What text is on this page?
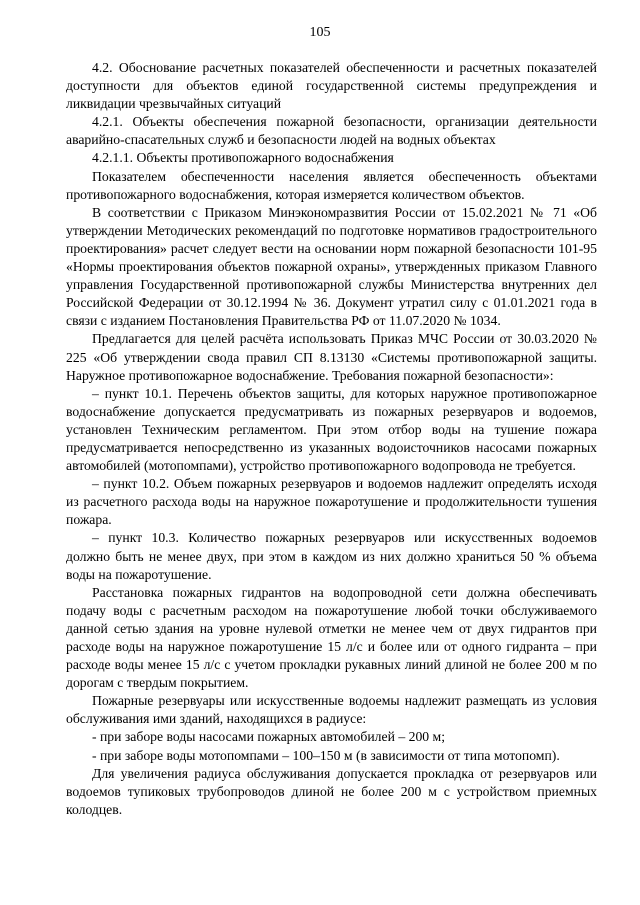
105

4.2. Обоснование расчетных показателей обеспеченности и расчетных показателей доступности для объектов единой государственной системы предупреждения и ликвидации чрезвычайных ситуаций

4.2.1. Объекты обеспечения пожарной безопасности, организации деятельности аварийно-спасательных служб и безопасности людей на водных объектах

4.2.1.1. Объекты противопожарного водоснабжения

Показателем обеспеченности населения является обеспеченность объектами противопожарного водоснабжения, которая измеряется количеством объектов.

В соответствии с Приказом Минэкономразвития России от 15.02.2021 № 71 «Об утверждении Методических рекомендаций по подготовке нормативов градостроительного проектирования» расчет следует вести на основании норм пожарной безопасности 101-95 «Нормы проектирования объектов пожарной охраны», утвержденных приказом Главного управления Государственной противопожарной службы Министерства внутренних дел Российской Федерации от 30.12.1994 № 36. Документ утратил силу с 01.01.2021 года в связи с изданием Постановления Правительства РФ от 11.07.2020 № 1034.

Предлагается для целей расчёта использовать Приказ МЧС России от 30.03.2020 № 225 «Об утверждении свода правил СП 8.13130 «Системы противопожарной защиты. Наружное противопожарное водоснабжение. Требования пожарной безопасности»:

– пункт 10.1. Перечень объектов защиты, для которых наружное противопожарное водоснабжение допускается предусматривать из пожарных резервуаров и водоемов, установлен Техническим регламентом. При этом отбор воды на тушение пожара предусматривается непосредственно из указанных водоисточников насосами пожарных автомобилей (мотопомпами), устройство противопожарного водопровода не требуется.

– пункт 10.2. Объем пожарных резервуаров и водоемов надлежит определять исходя из расчетного расхода воды на наружное пожаротушение и продолжительности тушения пожара.

– пункт 10.3. Количество пожарных резервуаров или искусственных водоемов должно быть не менее двух, при этом в каждом из них должно храниться 50 % объема воды на пожаротушение.

Расстановка пожарных гидрантов на водопроводной сети должна обеспечивать подачу воды с расчетным расходом на пожаротушение любой точки обслуживаемого данной сетью здания на уровне нулевой отметки не менее чем от двух гидрантов при расходе воды на наружное пожаротушение 15 л/с и более или от одного гидранта – при расходе воды менее 15 л/с с учетом прокладки рукавных линий длиной не более 200 м по дорогам с твердым покрытием.

Пожарные резервуары или искусственные водоемы надлежит размещать из условия обслуживания ими зданий, находящихся в радиусе:

- при заборе воды насосами пожарных автомобилей – 200 м;

- при заборе воды мотопомпами – 100–150 м (в зависимости от типа мотопомп).

Для увеличения радиуса обслуживания допускается прокладка от резервуаров или водоемов тупиковых трубопроводов длиной не более 200 м с устройством приемных колодцев.
